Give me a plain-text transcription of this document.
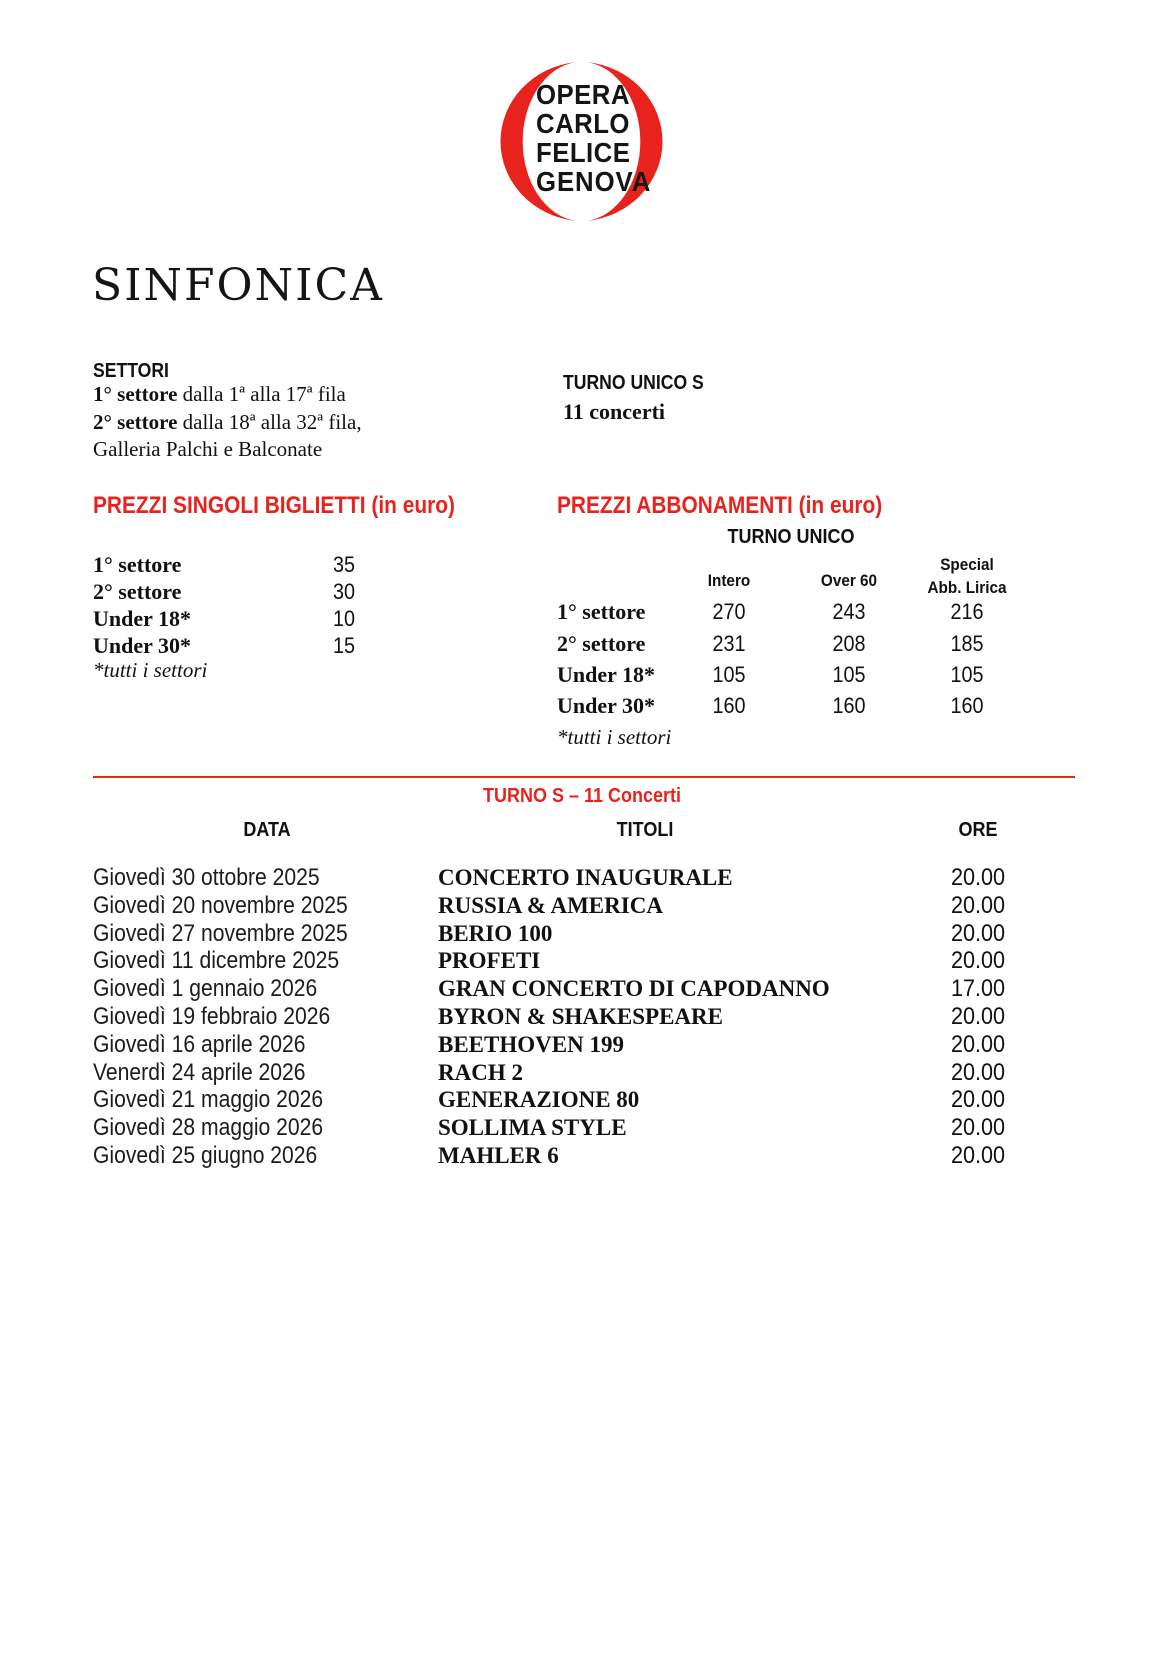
OPERA
CARLO
FELICE
GENOVA
SINFONICA
SETTORI
1° settore dalla 1ª alla 17ª fila
2° settore dalla 18ª alla 32ª fila,
Galleria Palchi e Balconate
TURNO UNICO S
11 concerti
PREZZI SINGOLI BIGLIETTI (in euro)	PREZZI ABBONAMENTI (in euro)
1° settore	35
2° settore	30
Under 18*	10
Under 30*	15
*tutti i settori
TURNO UNICO
Intero	Over 60
Special
Abb. Lirica
1° settore	270	243	216
2° settore	231	208	185
Under 18*	105	105	105
Under 30*	160	160	160
*tutti i settori
TURNO S – 11 Concerti
DATA	TITOLI	ORE
Giovedì 30 ottobre 2025	CONCERTO INAUGURALE	20.00
Giovedì 20 novembre 2025	RUSSIA & AMERICA	20.00
Giovedì 27 novembre 2025	BERIO 100	20.00
Giovedì 11 dicembre 2025	PROFETI	20.00
Giovedì 1 gennaio 2026	GRAN CONCERTO DI CAPODANNO	17.00
Giovedì 19 febbraio 2026	BYRON & SHAKESPEARE	20.00
Giovedì 16 aprile 2026	BEETHOVEN 199	20.00
Venerdì 24 aprile 2026	RACH 2	20.00
Giovedì 21 maggio 2026	GENERAZIONE 80	20.00
Giovedì 28 maggio 2026	SOLLIMA STYLE	20.00
Giovedì 25 giugno 2026	MAHLER 6	20.00
